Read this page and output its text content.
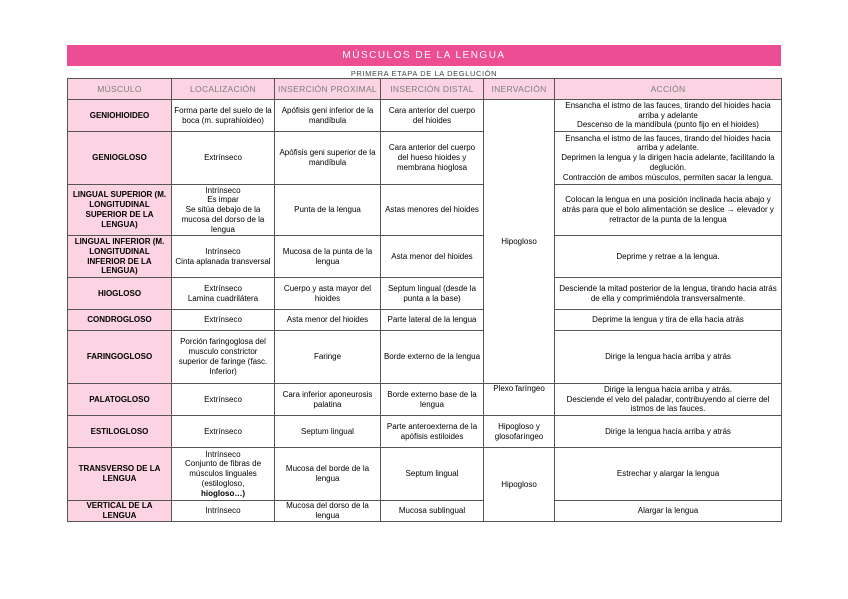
MÚSCULOS DE LA LENGUA
PRIMERA ETAPA DE LA DEGLUCIÓN
MÚSCULO	LOCALIZACIÓN	INSERCIÓN PROXIMAL	INSERCIÓN DISTAL	INERVACIÓN	ACCIÓN
GENIOHIOIDEO	Forma parte del suelo de la boca (m. suprahioideo)	Apófisis geni inferior de la mandíbula	Cara anterior del cuerpo del hioides	Hipogloso	Ensancha el istmo de las fauces, tirando del hioides hacia arriba y adelante
Descenso de la mandíbula (punto fijo en el hioides)
GENIOGLOSO	Extrínseco	Apófisis geni superior de la mandíbula	Cara anterior del cuerpo del hueso hioides y membrana hioglosa		Ensancha el istmo de las fauces, tirando del hioides hacia arriba y adelante.
Deprimen la lengua y la dirigen hacia adelante, facilitando la deglución.
Contracción de ambos músculos, permiten sacar la lengua.
LINGUAL SUPERIOR (M. LONGITUDINAL SUPERIOR DE LA LENGUA)	Intrínseco
Es impar
Se sitúa debajo de la mucosa del dorso de la lengua	Punta de la lengua	Astas menores del hioides		Colocan la lengua en una posición inclinada hacia abajo y atrás para que el bolo alimentación se deslice → elevador y retractor de la punta de la lengua
LINGUAL INFERIOR (M. LONGITUDINAL INFERIOR DE LA LENGUA)	Intrínseco
Cinta aplanada transversal	Mucosa de la punta de la lengua	Asta menor del hioides		Deprime y retrae a la lengua.
HIOGLOSO	Extrínseco
Lamina cuadrilátera	Cuerpo y asta mayor del hioides	Septum lingual (desde la punta a la base)		Desciende la mitad posterior de la lengua, tirando hacia atrás de ella y comprimiéndola transversalmente.
CONDROGLOSO	Extrínseco	Asta menor del hioides	Parte lateral de la lengua		Deprime la lengua y tira de ella hacia atrás
FARINGOGLOSO	Porción faringoglosa del musculo constrictor superior de faringe (fasc. Inferior)	Faringe	Borde externo de la lengua		Dirige la lengua hacia arriba y atrás
PALATOGLOSO	Extrínseco	Cara inferior aponeurosis palatina	Borde externo base de la lengua	Plexo faríngeo	Dirige la lengua hacia arriba y atrás.
Desciende el velo del paladar, contribuyendo al cierre del istmos de las fauces.
ESTILOGLOSO	Extrínseco	Septum lingual	Parte anteroexterna de la apófisis estiloides	Hipogloso y glosofaríngeo	Dirige la lengua hacia arriba y atrás
TRANSVERSO DE LA LENGUA	Intrínseco
Conjunto de fibras de músculos linguales (estilogloso,
hiogloso…)	Mucosa del borde de la lengua	Septum lingual	Hipogloso	Estrechar y alargar la lengua
VERTICAL DE LA LENGUA	Intrínseco	Mucosa del dorso de la lengua	Mucosa sublingual		Alargar la lengua
